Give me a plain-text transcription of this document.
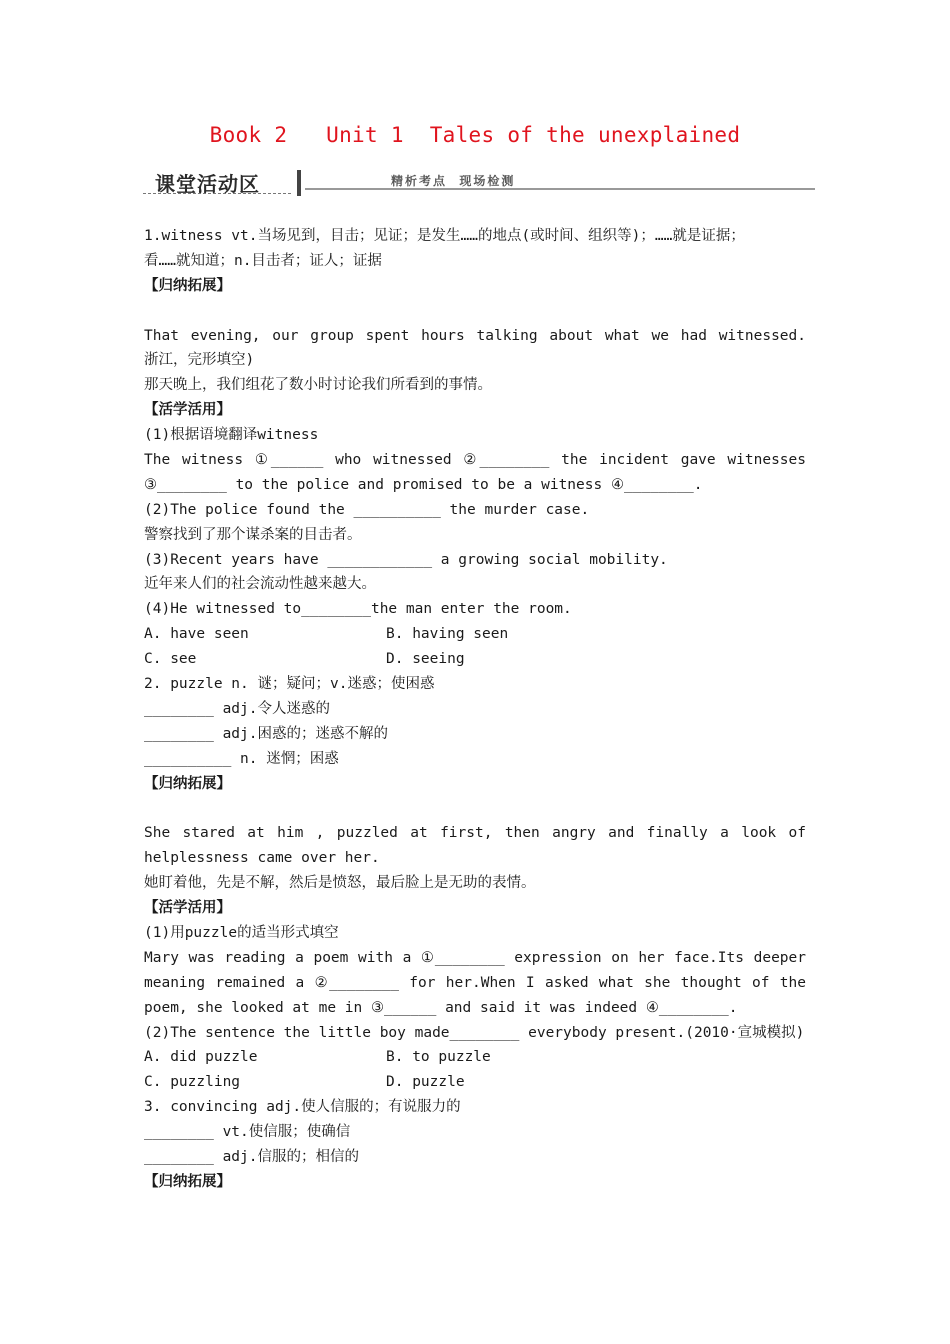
Book 2   Unit 1  Tales of the unexplained
课堂活动区	精析考点  现场检测
1.witness vt.当场见到，目击；见证；是发生……的地点(或时间、组织等)；……就是证据；
看……就知道；n.目击者；证人；证据
【归纳拓展】
That evening, our group spent hours talking about what we had witnessed.
浙江，完形填空)
那天晚上，我们组花了数小时讨论我们所看到的事情。
【活学活用】
(1)根据语境翻译witness
The witness ①______ who witnessed ②________ the incident gave witnesses
③________ to the police and promised to be a witness ④________.
(2)The police found the __________ the murder case.
警察找到了那个谋杀案的目击者。
(3)Recent years have ____________ a growing social mobility.
近年来人们的社会流动性越来越大。
(4)He witnessed to________the man enter the room.
A. have seen	B. having seen
C. see	D. seeing
2. puzzle n. 谜；疑问；v.迷惑；使困惑
________ adj.令人迷惑的
________ adj.困惑的；迷惑不解的
__________ n. 迷惘；困惑
【归纳拓展】
She stared at him , puzzled at first, then angry and finally a look of
helplessness came over her.
她盯着他，先是不解，然后是愤怒，最后脸上是无助的表情。
【活学活用】
(1)用puzzle的适当形式填空
Mary was reading a poem with a ①________ expression on her face.Its deeper
meaning remained a ②________ for her.When I asked what she thought of the
poem, she looked at me in ③______ and said it was indeed ④________.
(2)The sentence the little boy made________ everybody present.(2010·宣城模拟)
A. did puzzle	B. to puzzle
C. puzzling	D. puzzle
3. convincing adj.使人信服的；有说服力的
________ vt.使信服；使确信
________ adj.信服的；相信的
【归纳拓展】
